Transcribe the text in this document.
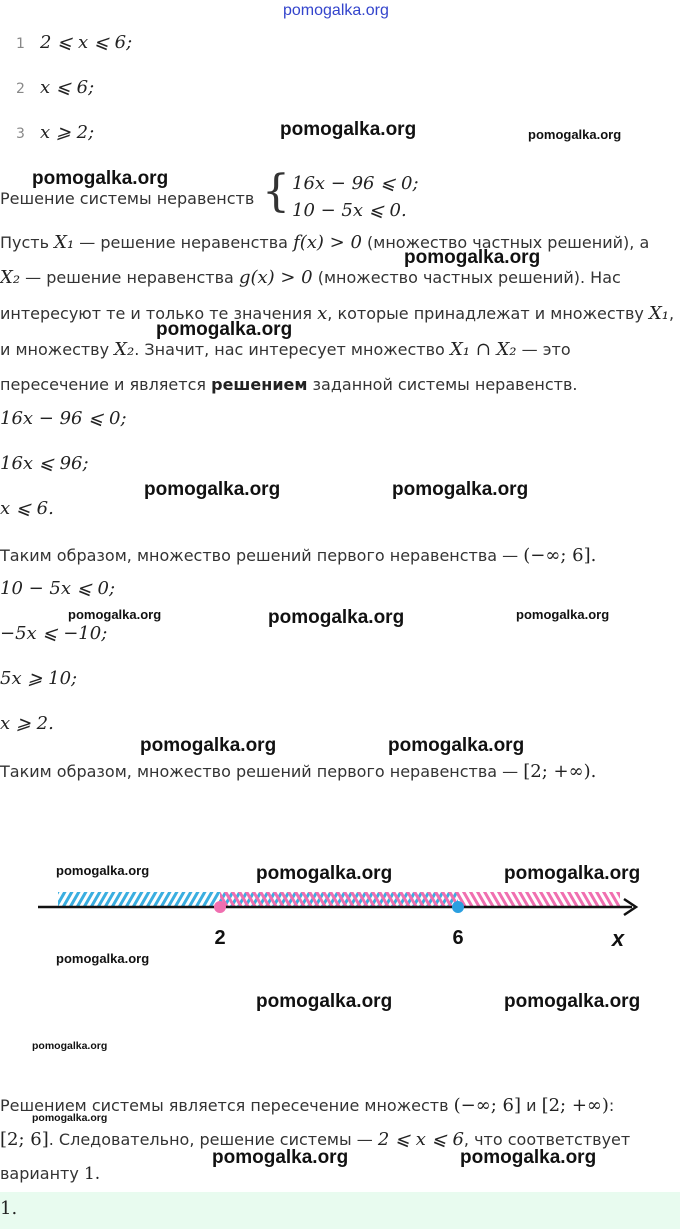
pomogalka.org
1 2 ⩽ x ⩽ 6;
2 x ⩽ 6;
3 x ⩾ 2;	pomogalka.org	pomogalka.org
pomogalka.org
Решение системы неравенств { 16x − 96 ⩽ 0;
10 − 5x ⩽ 0.
Пусть X₁ — решение неравенства f(x) > 0 (множество частных решений), а
X₂ — решение неравенства g(x) > 0 (множество частных решений). Нас
интересуют те и только те значения x, которые принадлежат и множеству X₁,
и множеству X₂. Значит, нас интересует множество X₁ ∩ X₂ — это
пересечение и является решением заданной системы неравенств.
pomogalka.org
pomogalka.org
16x − 96 ⩽ 0;
16x ⩽ 96;
x ⩽ 6.
pomogalka.org	pomogalka.org
Таким образом, множество решений первого неравенства — (−∞; 6].
10 − 5x ⩽ 0;
−5x ⩽ −10;
5x ⩾ 10;
x ⩾ 2.
pomogalka.org	pomogalka.org	pomogalka.org
pomogalka.org	pomogalka.org
Таким образом, множество решений первого неравенства — [2; +∞).
2	6	x
pomogalka.org	pomogalka.org	pomogalka.org
pomogalka.org
pomogalka.org	pomogalka.org
pomogalka.org
Решением системы является пересечение множеств (−∞; 6] и [2; +∞):
[2; 6]. Следовательно, решение системы — 2 ⩽ x ⩽ 6, что соответствует
варианту 1.
pomogalka.org
pomogalka.org	pomogalka.org
1.
